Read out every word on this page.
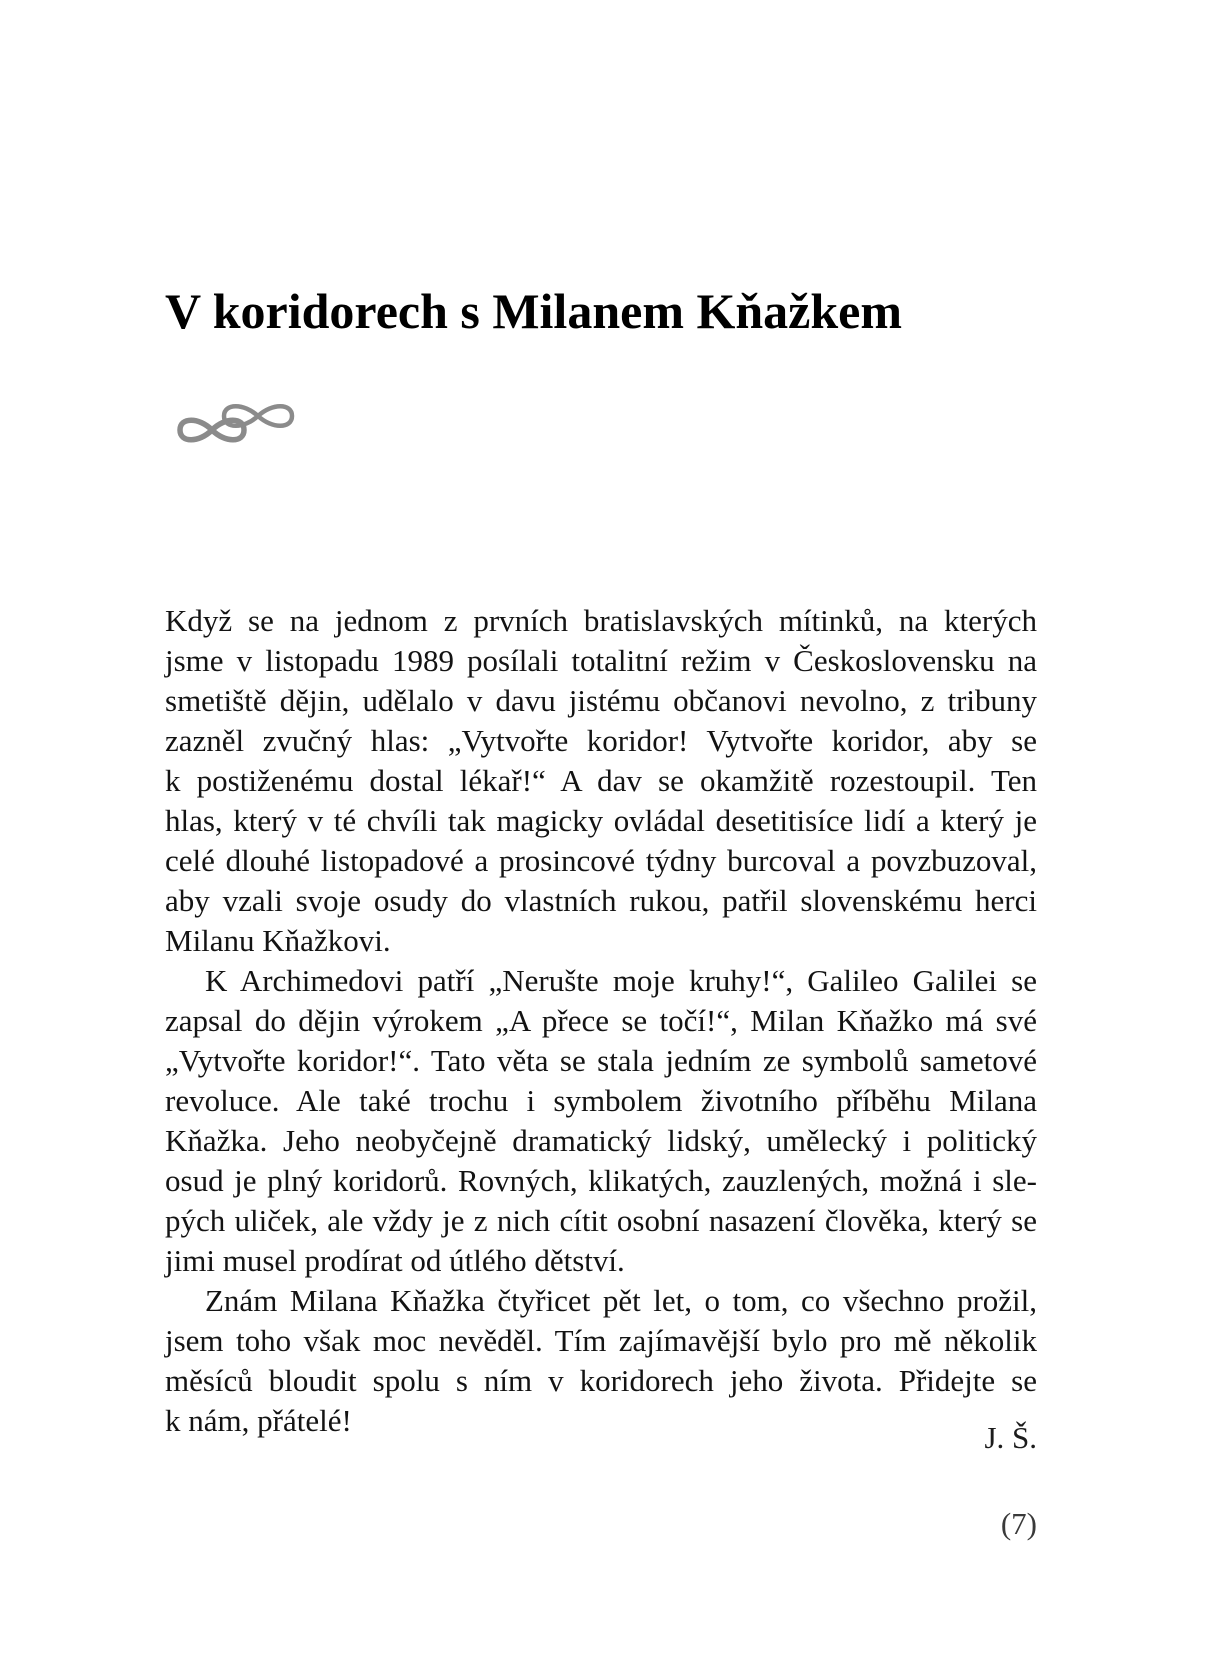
V koridorech s Milanem Kňažkem
Když se na jednom z prvních bratislavských mítinků, na kterých
jsme v listopadu 1989 posílali totalitní režim v Československu na
smetiště dějin, udělalo v davu jistému občanovi nevolno, z tribuny
zazněl zvučný hlas: „Vytvořte koridor! Vytvořte koridor, aby se
k postiženému dostal lékař!“ A dav se okamžitě rozestoupil. Ten
hlas, který v té chvíli tak magicky ovládal desetitisíce lidí a který je
celé dlouhé listopadové a prosincové týdny burcoval a povzbuzoval,
aby vzali svoje osudy do vlastních rukou, patřil slovenskému herci
Milanu Kňažkovi.
K Archimedovi patří „Nerušte moje kruhy!“, Galileo Galilei se
zapsal do dějin výrokem „A přece se točí!“, Milan Kňažko má své
„Vytvořte koridor!“. Tato věta se stala jedním ze symbolů sametové
revoluce. Ale také trochu i symbolem životního příběhu Milana
Kňažka. Jeho neobyčejně dramatický lidský, umělecký i politický
osud je plný koridorů. Rovných, klikatých, zauzlených, možná i sle-
pých uliček, ale vždy je z nich cítit osobní nasazení člověka, který se
jimi musel prodírat od útlého dětství.
Znám Milana Kňažka čtyřicet pět let, o tom, co všechno prožil,
jsem toho však moc nevěděl. Tím zajímavější bylo pro mě několik
měsíců bloudit spolu s ním v koridorech jeho života. Přidejte se
k nám, přátelé!	J. Š.
(7)
